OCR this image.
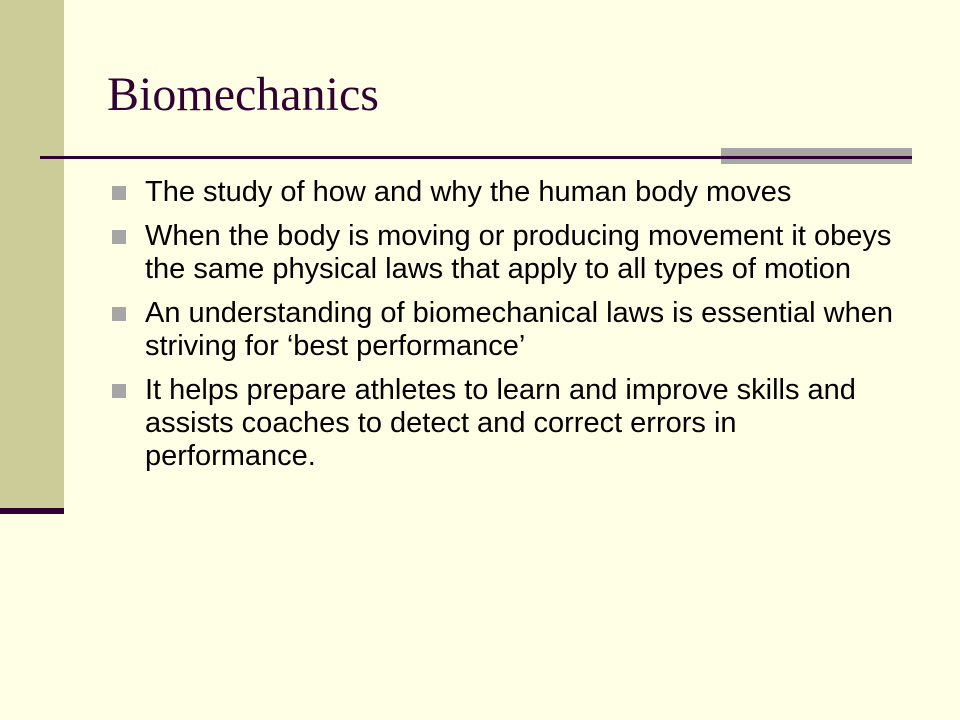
Biomechanics
The study of how and why the human body moves
When the body is moving or producing movement it obeys the same physical laws that apply to all types of motion
An understanding of biomechanical laws is essential when striving for ‘best performance’
It helps prepare athletes to learn and improve skills and assists coaches to detect and correct errors in performance.
